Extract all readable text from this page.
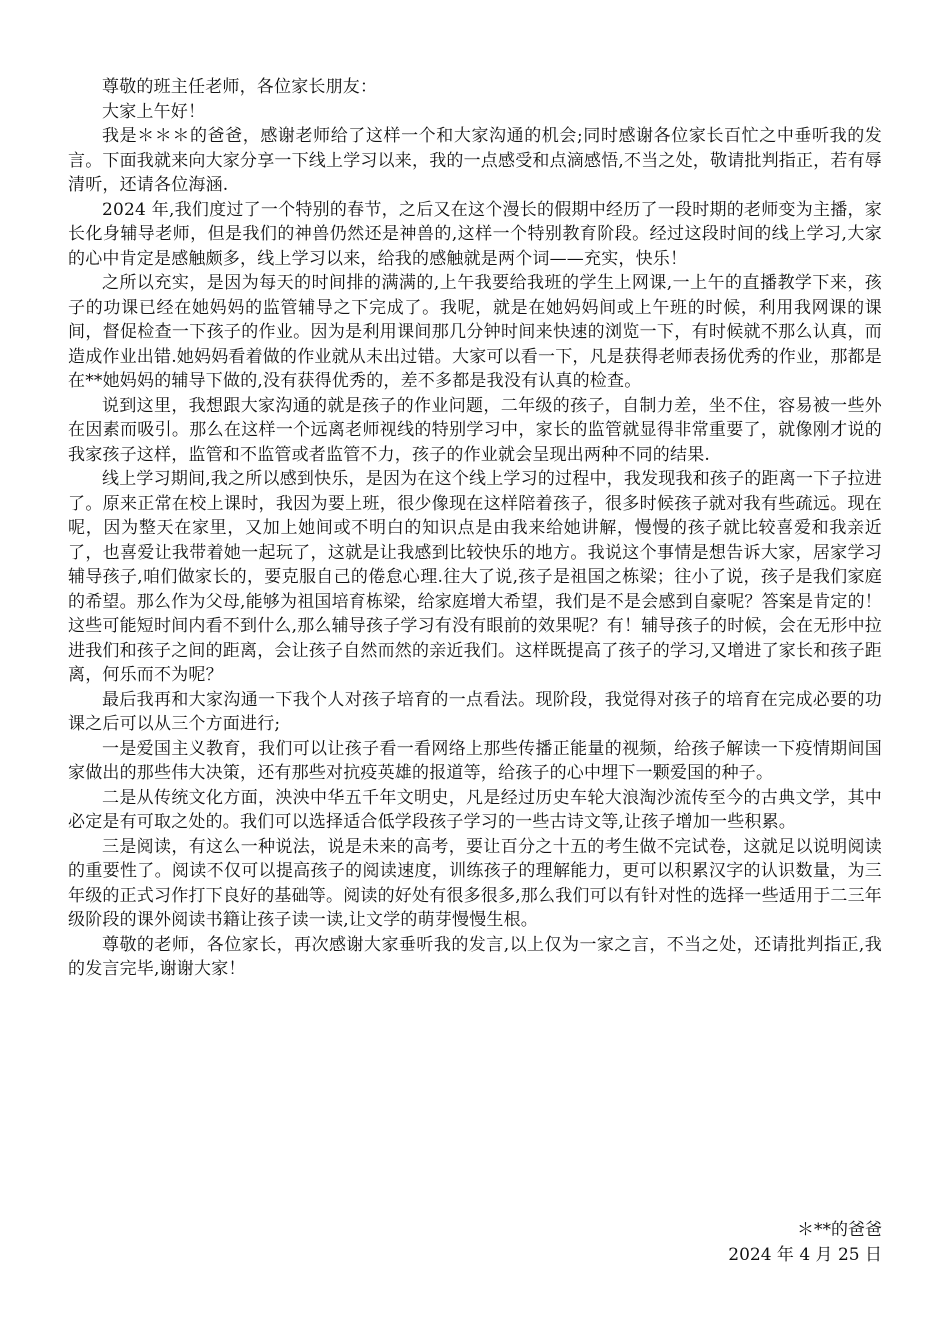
尊敬的班主任老师，各位家长朋友：

大家上午好！

我是＊＊＊的爸爸，感谢老师给了这样一个和大家沟通的机会;同时感谢各位家长百忙之中垂听我的发言。下面我就来向大家分享一下线上学习以来，我的一点感受和点滴感悟,不当之处，敬请批判指正，若有辱清听，还请各位海涵.

2024 年,我们度过了一个特别的春节，之后又在这个漫长的假期中经历了一段时期的老师变为主播，家长化身辅导老师，但是我们的神兽仍然还是神兽的,这样一个特别教育阶段。经过这段时间的线上学习,大家的心中肯定是感触颇多，线上学习以来，给我的感触就是两个词——充实，快乐！

之所以充实，是因为每天的时间排的满满的,上午我要给我班的学生上网课,一上午的直播教学下来，孩子的功课已经在她妈妈的监管辅导之下完成了。我呢，就是在她妈妈间或上午班的时候，利用我网课的课间，督促检查一下孩子的作业。因为是利用课间那几分钟时间来快速的浏览一下，有时候就不那么认真，而造成作业出错.她妈妈看着做的作业就从未出过错。大家可以看一下，凡是获得老师表扬优秀的作业，那都是在**她妈妈的辅导下做的,没有获得优秀的，差不多都是我没有认真的检查。

说到这里，我想跟大家沟通的就是孩子的作业问题，二年级的孩子，自制力差，坐不住，容易被一些外在因素而吸引。那么在这样一个远离老师视线的特别学习中，家长的监管就显得非常重要了，就像刚才说的我家孩子这样，监管和不监管或者监管不力，孩子的作业就会呈现出两种不同的结果.

线上学习期间,我之所以感到快乐，是因为在这个线上学习的过程中，我发现我和孩子的距离一下子拉进了。原来正常在校上课时，我因为要上班，很少像现在这样陪着孩子，很多时候孩子就对我有些疏远。现在呢，因为整天在家里，又加上她间或不明白的知识点是由我来给她讲解，慢慢的孩子就比较喜爱和我亲近了，也喜爱让我带着她一起玩了，这就是让我感到比较快乐的地方。我说这个事情是想告诉大家，居家学习辅导孩子,咱们做家长的，要克服自己的倦怠心理.往大了说,孩子是祖国之栋梁；往小了说，孩子是我们家庭的希望。那么作为父母,能够为祖国培育栋梁，给家庭增大希望，我们是不是会感到自豪呢？答案是肯定的！这些可能短时间内看不到什么,那么辅导孩子学习有没有眼前的效果呢？有！辅导孩子的时候，会在无形中拉进我们和孩子之间的距离，会让孩子自然而然的亲近我们。这样既提高了孩子的学习,又增进了家长和孩子距离，何乐而不为呢？

最后我再和大家沟通一下我个人对孩子培育的一点看法。现阶段，我觉得对孩子的培育在完成必要的功课之后可以从三个方面进行;

一是爱国主义教育，我们可以让孩子看一看网络上那些传播正能量的视频，给孩子解读一下疫情期间国家做出的那些伟大决策，还有那些对抗疫英雄的报道等，给孩子的心中埋下一颗爱国的种子。

二是从传统文化方面，泱泱中华五千年文明史，凡是经过历史车轮大浪淘沙流传至今的古典文学，其中必定是有可取之处的。我们可以选择适合低学段孩子学习的一些古诗文等,让孩子增加一些积累。

三是阅读，有这么一种说法，说是未来的高考，要让百分之十五的考生做不完试卷，这就足以说明阅读的重要性了。阅读不仅可以提高孩子的阅读速度，训练孩子的理解能力，更可以积累汉字的认识数量，为三年级的正式习作打下良好的基础等。阅读的好处有很多很多,那么我们可以有针对性的选择一些适用于二三年级阶段的课外阅读书籍让孩子读一读,让文学的萌芽慢慢生根。

尊敬的老师，各位家长，再次感谢大家垂听我的发言,以上仅为一家之言，不当之处，还请批判指正,我的发言完毕,谢谢大家！

＊**的爸爸
2024 年 4 月 25 日
